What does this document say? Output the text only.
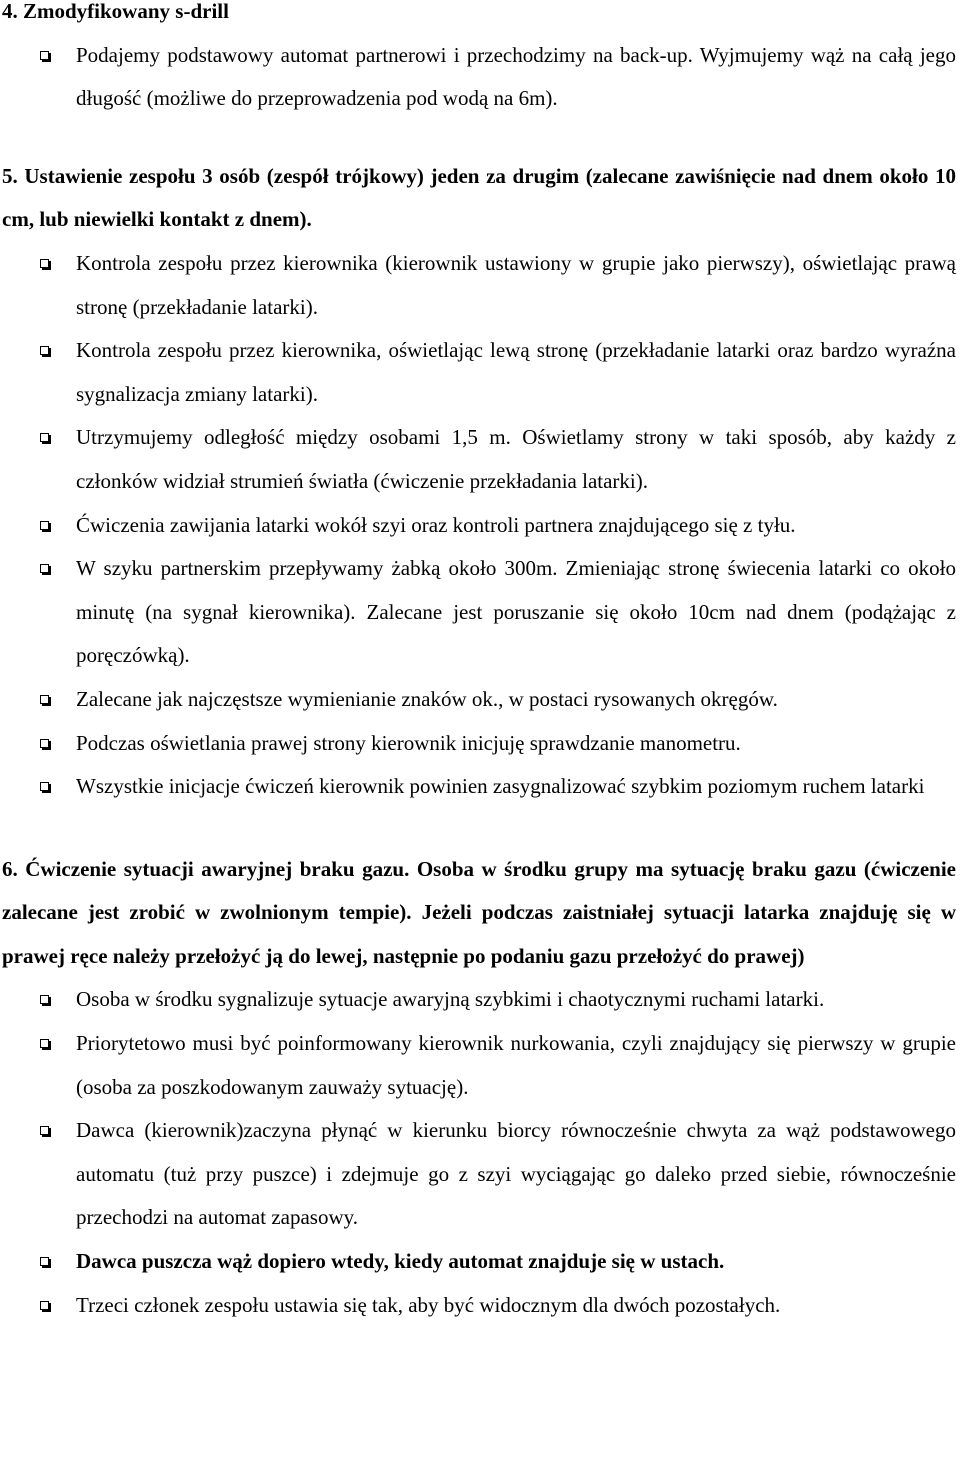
4. Zmodyfikowany s-drill

Podajemy podstawowy automat partnerowi i przechodzimy na back-up. Wyjmujemy wąż na całą jego długość (możliwe do przeprowadzenia pod wodą na 6m).

5. Ustawienie zespołu 3 osób (zespół trójkowy) jeden za drugim (zalecane zawiśnięcie nad dnem około 10 cm, lub niewielki kontakt z dnem).

Kontrola zespołu przez kierownika (kierownik ustawiony w grupie jako pierwszy), oświetlając prawą stronę (przekładanie latarki).
Kontrola zespołu przez kierownika, oświetlając lewą stronę (przekładanie latarki oraz bardzo wyraźna sygnalizacja zmiany latarki).
Utrzymujemy odległość między osobami 1,5 m. Oświetlamy strony w taki sposób, aby każdy z członków widział strumień światła (ćwiczenie przekładania latarki).
Ćwiczenia zawijania latarki wokół szyi oraz kontroli partnera znajdującego się z tyłu.
W szyku partnerskim przepływamy żabką około 300m. Zmieniając stronę świecenia latarki co około minutę (na sygnał kierownika). Zalecane jest poruszanie się około 10cm nad dnem (podążając z poręczówką).
Zalecane jak najczęstsze wymienianie znaków ok., w postaci rysowanych okręgów.
Podczas oświetlania prawej strony kierownik inicjuję sprawdzanie manometru.
Wszystkie inicjacje ćwiczeń kierownik powinien zasygnalizować szybkim poziomym ruchem latarki

6. Ćwiczenie sytuacji awaryjnej braku gazu. Osoba w środku grupy ma sytuację braku gazu (ćwiczenie zalecane jest zrobić w zwolnionym tempie). Jeżeli podczas zaistniałej sytuacji latarka znajduję się w prawej ręce należy przełożyć ją do lewej, następnie po podaniu gazu przełożyć do prawej)

Osoba w środku sygnalizuje sytuacje awaryjną szybkimi i chaotycznymi ruchami latarki.
Priorytetowo musi być poinformowany kierownik nurkowania, czyli znajdujący się pierwszy w grupie (osoba za poszkodowanym zauważy sytuację).
Dawca (kierownik)zaczyna płynąć w kierunku biorcy równocześnie chwyta za wąż podstawowego automatu (tuż przy puszce) i zdejmuje go z szyi wyciągając go daleko przed siebie, równocześnie przechodzi na automat zapasowy.
Dawca puszcza wąż dopiero wtedy, kiedy automat znajduje się w ustach.
Trzeci członek zespołu ustawia się tak, aby być widocznym dla dwóch pozostałych.
